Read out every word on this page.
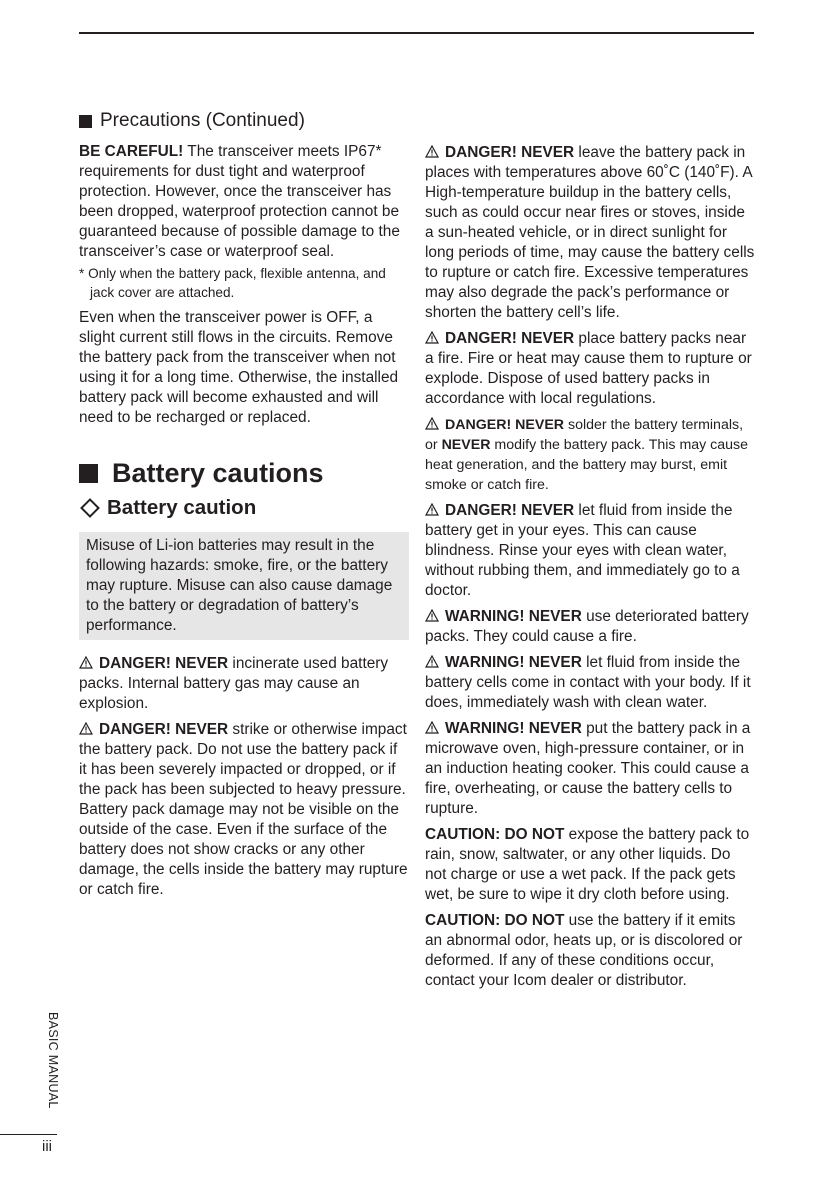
Precautions (Continued)

BE CAREFUL! The transceiver meets IP67* requirements for dust tight and waterproof protection. However, once the transceiver has been dropped, waterproof protection cannot be guaranteed because of possible damage to the transceiver’s case or waterproof seal.

* Only when the battery pack, flexible antenna, and jack cover are attached.

Even when the transceiver power is OFF, a slight current still flows in the circuits. Remove the battery pack from the transceiver when not using it for a long time. Otherwise, the installed battery pack will become exhausted and will need to be recharged or replaced.

Battery cautions
Battery caution

Misuse of Li-ion batteries may result in the following hazards: smoke, fire, or the battery may rupture. Misuse can also cause damage to the battery or degradation of battery’s performance.

DANGER! NEVER incinerate used battery packs. Internal battery gas may cause an explosion.

DANGER! NEVER strike or otherwise impact the battery pack. Do not use the battery pack if it has been severely impacted or dropped, or if the pack has been subjected to heavy pressure. Battery pack damage may not be visible on the outside of the case. Even if the surface of the battery does not show cracks or any other damage, the cells inside the battery may rupture or catch fire.

DANGER! NEVER leave the battery pack in places with temperatures above 60˚C (140˚F). A High-temperature buildup in the battery cells, such as could occur near fires or stoves, inside a sun-heated vehicle, or in direct sunlight for long periods of time, may cause the battery cells to rupture or catch fire. Excessive temperatures may also degrade the pack’s performance or shorten the battery cell’s life.

DANGER! NEVER place battery packs near a fire. Fire or heat may cause them to rupture or explode. Dispose of used battery packs in accordance with local regulations.

DANGER! NEVER solder the battery terminals, or NEVER modify the battery pack. This may cause heat generation, and the battery may burst, emit smoke or catch fire.

DANGER! NEVER let fluid from inside the battery get in your eyes. This can cause blindness. Rinse your eyes with clean water, without rubbing them, and immediately go to a doctor.

WARNING! NEVER use deteriorated battery packs. They could cause a fire.

WARNING! NEVER let fluid from inside the battery cells come in contact with your body. If it does, immediately wash with clean water.

WARNING! NEVER put the battery pack in a microwave oven, high-pressure container, or in an induction heating cooker. This could cause a fire, overheating, or cause the battery cells to rupture.

CAUTION: DO NOT expose the battery pack to rain, snow, saltwater, or any other liquids. Do not charge or use a wet pack. If the pack gets wet, be sure to wipe it dry cloth before using.

CAUTION: DO NOT use the battery if it emits an abnormal odor, heats up, or is discolored or deformed. If any of these conditions occur, contact your Icom dealer or distributor.

BASIC MANUAL
iii
